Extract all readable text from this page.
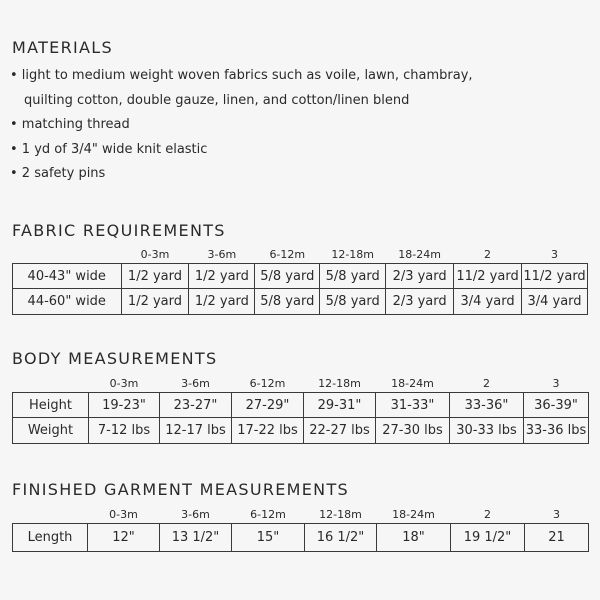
MATERIALS
• light to medium weight woven fabrics such as voile, lawn, chambray,
quilting cotton, double gauze, linen, and cotton/linen blend
• matching thread
• 1 yd of 3/4" wide knit elastic
• 2 safety pins
FABRIC REQUIREMENTS
	0-3m	3-6m	6-12m	12-18m	18-24m	2	3
40-43" wide	1/2 yard	1/2 yard	5/8 yard	5/8 yard	2/3 yard	11/2 yard	11/2 yard
44-60" wide	1/2 yard	1/2 yard	5/8 yard	5/8 yard	2/3 yard	3/4 yard	3/4 yard
BODY MEASUREMENTS
	0-3m	3-6m	6-12m	12-18m	18-24m	2	3
Height	19-23"	23-27"	27-29"	29-31"	31-33"	33-36"	36-39"
Weight	7-12 lbs	12-17 lbs	17-22 lbs	22-27 lbs	27-30 lbs	30-33 lbs	33-36 lbs
FINISHED GARMENT MEASUREMENTS
	0-3m	3-6m	6-12m	12-18m	18-24m	2	3
Length	12"	13 1/2"	15"	16 1/2"	18"	19 1/2"	21
